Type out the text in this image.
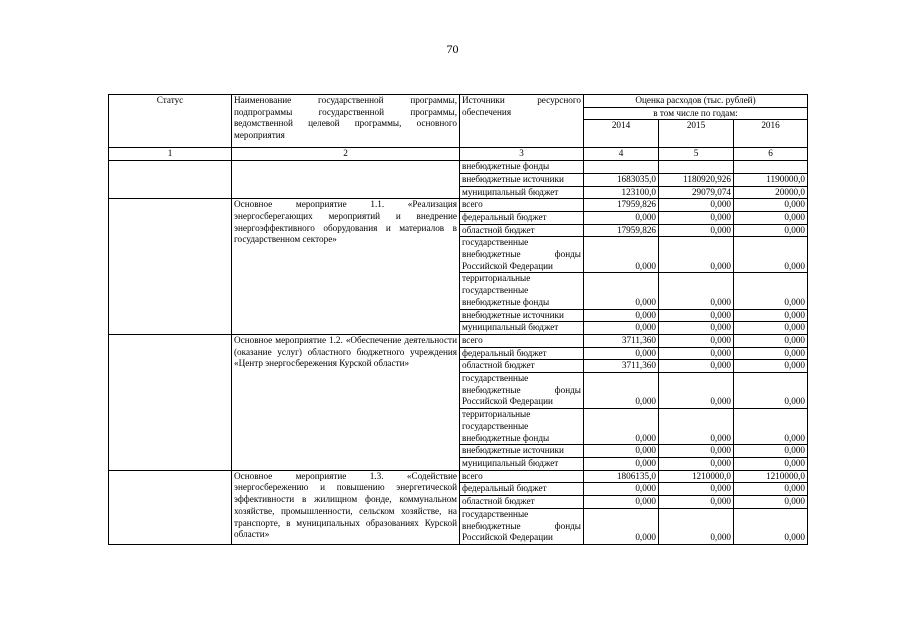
70
Статус	Наименование государственной программы, подпрограммы государственной программы, ведомственной целевой программы, основного мероприятия	Источники ресурсного обеспечения	Оценка расходов (тыс. рублей)		
			в том числе по годам:		
			2014	2015	2016
1	2	3	4	5	6
		внебюджетные фонды			
		внебюджетные источники	1683035,0	1180920,926	1190000,0
		муниципальный бюджет	123100,0	29079,074	20000,0
	Основное мероприятие 1.1. «Реализация энергосберегающих мероприятий и внедрение энергоэффективного оборудования и материалов в государственном секторе»	всего	17959,826	0,000	0,000
		федеральный бюджет	0,000	0,000	0,000
		областной бюджет	17959,826	0,000	0,000
		государственные внебюджетные фонды Российской Федерации	0,000	0,000	0,000
		территориальные государственные внебюджетные фонды	0,000	0,000	0,000
		внебюджетные источники	0,000	0,000	0,000
		муниципальный бюджет	0,000	0,000	0,000
	Основное мероприятие 1.2. «Обеспечение деятельности (оказание услуг) областного бюджетного учреждения «Центр энергосбережения Курской области»	всего	3711,360	0,000	0,000
		федеральный бюджет	0,000	0,000	0,000
		областной бюджет	3711,360	0,000	0,000
		государственные внебюджетные фонды Российской Федерации	0,000	0,000	0,000
		территориальные государственные внебюджетные фонды	0,000	0,000	0,000
		внебюджетные источники	0,000	0,000	0,000
		муниципальный бюджет	0,000	0,000	0,000
	Основное мероприятие 1.3. «Содействие энергосбережению и повышению энергетической эффективности в жилищном фонде, коммунальном хозяйстве, промышленности, сельском хозяйстве, на транспорте, в муниципальных образованиях Курской области»	всего	1806135,0	1210000,0	1210000,0
		федеральный бюджет	0,000	0,000	0,000
		областной бюджет	0,000	0,000	0,000
		государственные внебюджетные фонды Российской Федерации	0,000	0,000	0,000
